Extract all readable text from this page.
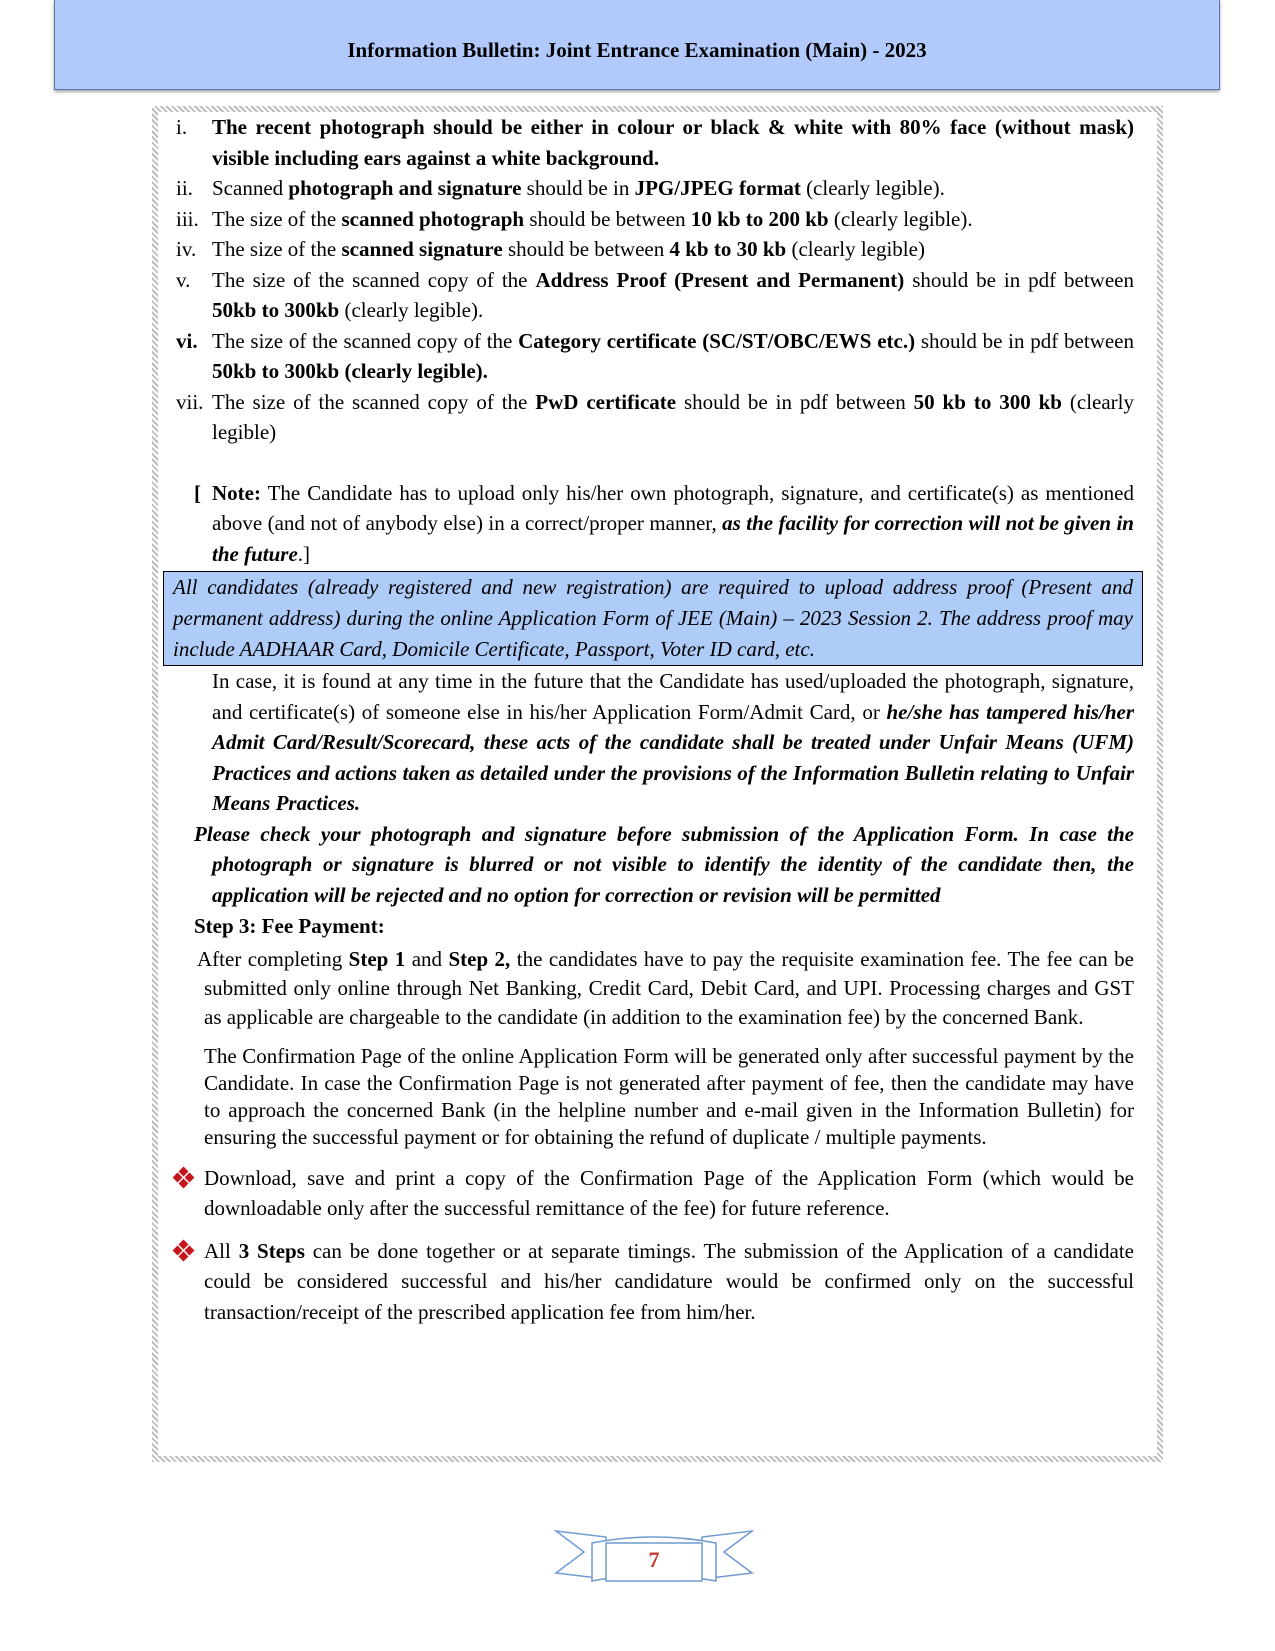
Information Bulletin: Joint Entrance Examination (Main) - 2023
i. The recent photograph should be either in colour or black & white with 80% face (without mask) visible including ears against a white background.
ii. Scanned photograph and signature should be in JPG/JPEG format (clearly legible).
iii. The size of the scanned photograph should be between 10 kb to 200 kb (clearly legible).
iv. The size of the scanned signature should be between 4 kb to 30 kb (clearly legible)
v. The size of the scanned copy of the Address Proof (Present and Permanent) should be in pdf between 50kb to 300kb (clearly legible).
vi. The size of the scanned copy of the Category certificate (SC/ST/OBC/EWS etc.) should be in pdf between 50kb to 300kb (clearly legible).
vii. The size of the scanned copy of the PwD certificate should be in pdf between 50 kb to 300 kb (clearly legible)
[ Note: The Candidate has to upload only his/her own photograph, signature, and certificate(s) as mentioned above (and not of anybody else) in a correct/proper manner, as the facility for correction will not be given in the future.]
All candidates (already registered and new registration) are required to upload address proof (Present and permanent address) during the online Application Form of JEE (Main) – 2023 Session 2. The address proof may include AADHAAR Card, Domicile Certificate, Passport, Voter ID card, etc.
In case, it is found at any time in the future that the Candidate has used/uploaded the photograph, signature, and certificate(s) of someone else in his/her Application Form/Admit Card, or he/she has tampered his/her Admit Card/Result/Scorecard, these acts of the candidate shall be treated under Unfair Means (UFM) Practices and actions taken as detailed under the provisions of the Information Bulletin relating to Unfair Means Practices.
Please check your photograph and signature before submission of the Application Form. In case the photograph or signature is blurred or not visible to identify the identity of the candidate then, the application will be rejected and no option for correction or revision will be permitted
Step 3: Fee Payment:
After completing Step 1 and Step 2, the candidates have to pay the requisite examination fee. The fee can be submitted only online through Net Banking, Credit Card, Debit Card, and UPI. Processing charges and GST as applicable are chargeable to the candidate (in addition to the examination fee) by the concerned Bank.
The Confirmation Page of the online Application Form will be generated only after successful payment by the Candidate. In case the Confirmation Page is not generated after payment of fee, then the candidate may have to approach the concerned Bank (in the helpline number and e-mail given in the Information Bulletin) for ensuring the successful payment or for obtaining the refund of duplicate / multiple payments.
Download, save and print a copy of the Confirmation Page of the Application Form (which would be downloadable only after the successful remittance of the fee) for future reference.
All 3 Steps can be done together or at separate timings. The submission of the Application of a candidate could be considered successful and his/her candidature would be confirmed only on the successful transaction/receipt of the prescribed application fee from him/her.
7
